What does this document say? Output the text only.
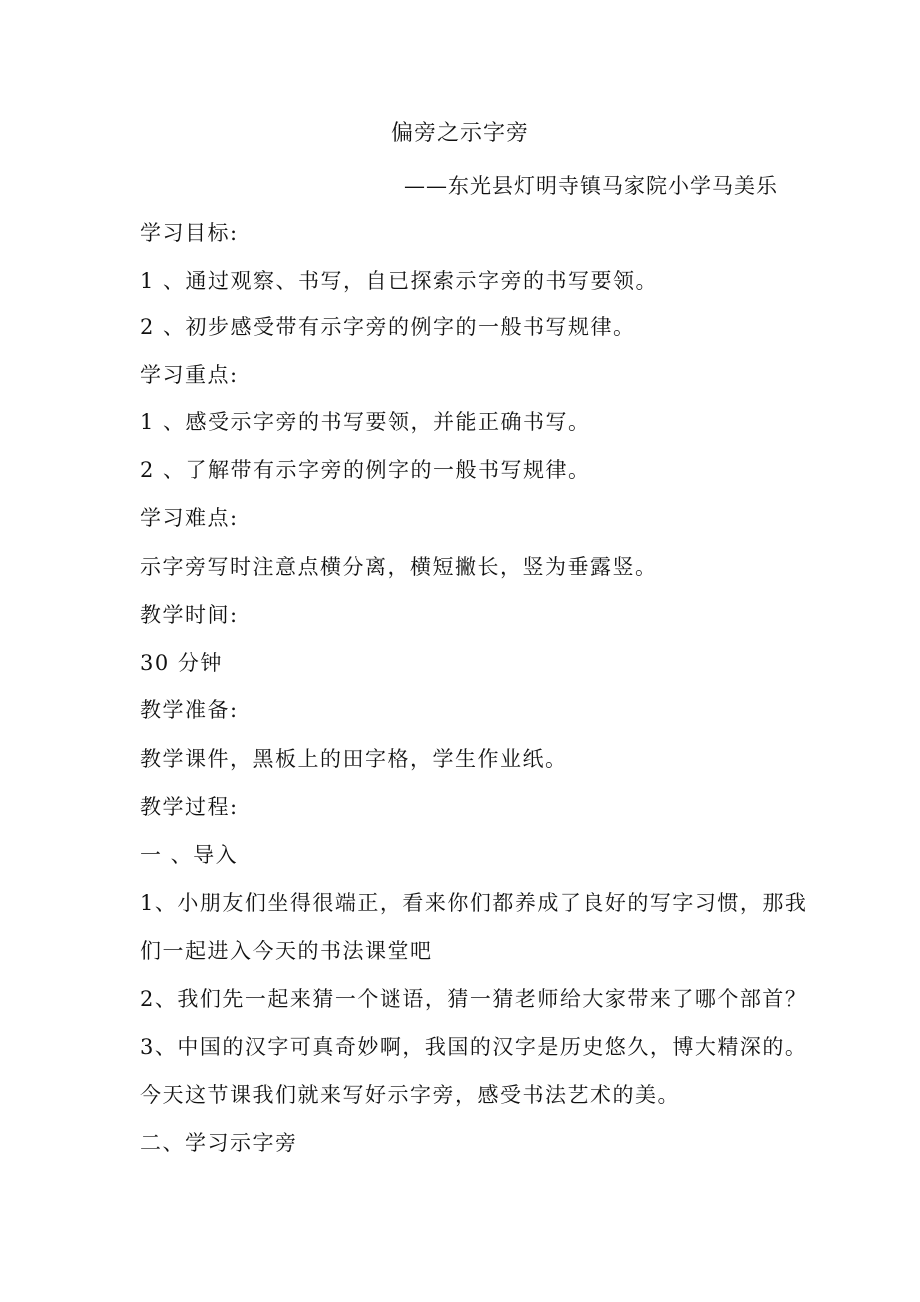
偏旁之示字旁
——东光县灯明寺镇马家院小学马美乐
学习目标:
1 、通过观察、书写，自已探索示字旁的书写要领。
2 、初步感受带有示字旁的例字的一般书写规律。
学习重点:
1 、感受示字旁的书写要领，并能正确书写。
2 、了解带有示字旁的例字的一般书写规律。
学习难点:
示字旁写时注意点横分离，横短撇长，竖为垂露竖。
教学时间:
30 分钟
教学准备:
教学课件，黑板上的田字格，学生作业纸。
教学过程:
一 、导入
1、小朋友们坐得很端正，看来你们都养成了良好的写字习惯，那我
们一起进入今天的书法课堂吧
2、我们先一起来猜一个谜语，猜一猜老师给大家带来了哪个部首？
3、中国的汉字可真奇妙啊，我国的汉字是历史悠久，博大精深的。
今天这节课我们就来写好示字旁，感受书法艺术的美。
二、学习示字旁
